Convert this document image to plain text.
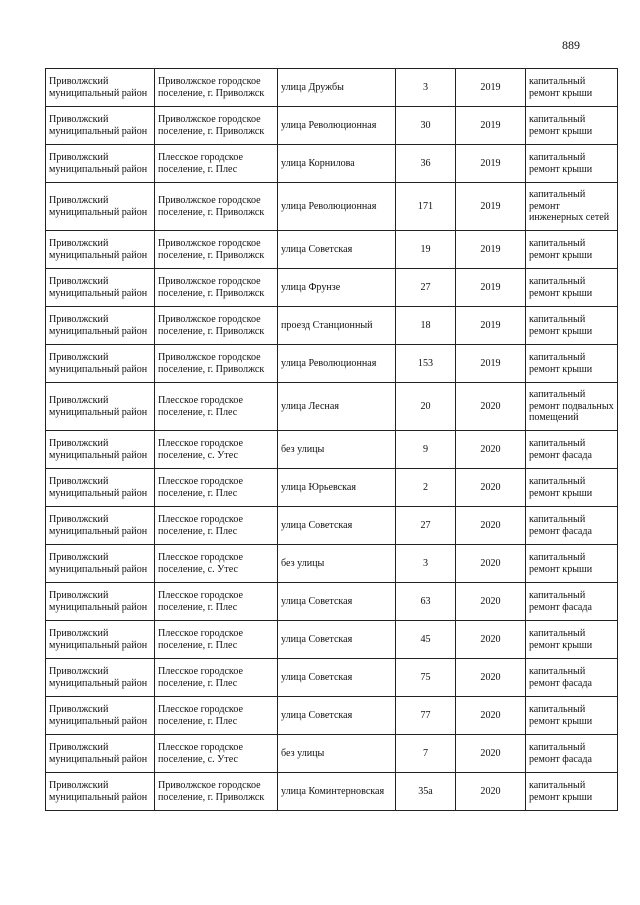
889
Приволжский муниципальный район	Приволжское городское поселение, г. Приволжск	улица Дружбы	3	2019	капитальный ремонт крыши
Приволжский муниципальный район	Приволжское городское поселение, г. Приволжск	улица Революционная	30	2019	капитальный ремонт крыши
Приволжский муниципальный район	Плесское городское поселение, г. Плес	улица Корнилова	36	2019	капитальный ремонт крыши
Приволжский муниципальный район	Приволжское городское поселение, г. Приволжск	улица Революционная	171	2019	капитальный ремонт инженерных сетей
Приволжский муниципальный район	Приволжское городское поселение, г. Приволжск	улица Советская	19	2019	капитальный ремонт крыши
Приволжский муниципальный район	Приволжское городское поселение, г. Приволжск	улица Фрунзе	27	2019	капитальный ремонт крыши
Приволжский муниципальный район	Приволжское городское поселение, г. Приволжск	проезд Станционный	18	2019	капитальный ремонт крыши
Приволжский муниципальный район	Приволжское городское поселение, г. Приволжск	улица Революционная	153	2019	капитальный ремонт крыши
Приволжский муниципальный район	Плесское городское поселение, г. Плес	улица Лесная	20	2020	капитальный ремонт подвальных помещений
Приволжский муниципальный район	Плесское городское поселение, с. Утес	без улицы	9	2020	капитальный ремонт фасада
Приволжский муниципальный район	Плесское городское поселение, г. Плес	улица Юрьевская	2	2020	капитальный ремонт крыши
Приволжский муниципальный район	Плесское городское поселение, г. Плес	улица Советская	27	2020	капитальный ремонт фасада
Приволжский муниципальный район	Плесское городское поселение, с. Утес	без улицы	3	2020	капитальный ремонт крыши
Приволжский муниципальный район	Плесское городское поселение, г. Плес	улица Советская	63	2020	капитальный ремонт фасада
Приволжский муниципальный район	Плесское городское поселение, г. Плес	улица Советская	45	2020	капитальный ремонт крыши
Приволжский муниципальный район	Плесское городское поселение, г. Плес	улица Советская	75	2020	капитальный ремонт фасада
Приволжский муниципальный район	Плесское городское поселение, г. Плес	улица Советская	77	2020	капитальный ремонт крыши
Приволжский муниципальный район	Плесское городское поселение, с. Утес	без улицы	7	2020	капитальный ремонт фасада
Приволжский муниципальный район	Приволжское городское поселение, г. Приволжск	улица Коминтерновская	35а	2020	капитальный ремонт крыши
